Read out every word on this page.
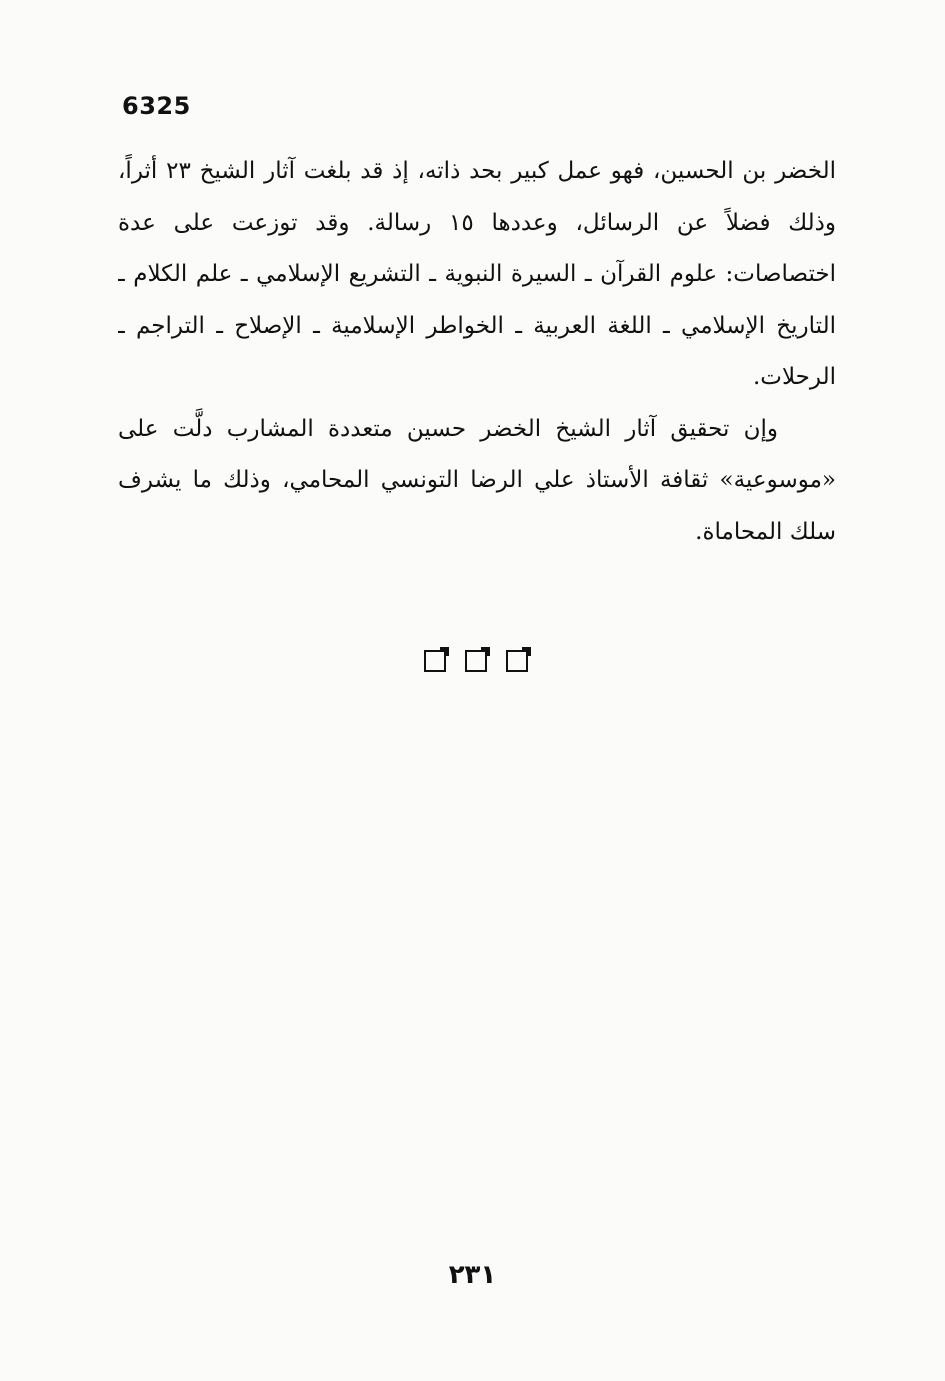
6325

الخضر بن الحسين، فهو عمل كبير بحد ذاته، إذ قد بلغت آثار الشيخ ٢٣ أثراً،
وذلك فضلاً عن الرسائل، وعددها ١٥ رسالة. وقد توزعت على عدة
اختصاصات: علوم القرآن ـ السيرة النبوية ـ التشريع الإسلامي ـ علم الكلام ـ
التاريخ الإسلامي ـ اللغة العربية ـ الخواطر الإسلامية ـ الإصلاح ـ التراجم ـ
الرحلات.

وإن تحقيق آثار الشيخ الخضر حسين متعددة المشارب دلَّت على
«موسوعية» ثقافة الأستاذ علي الرضا التونسي المحامي، وذلك ما يشرف
سلك المحاماة.

٢٣١
